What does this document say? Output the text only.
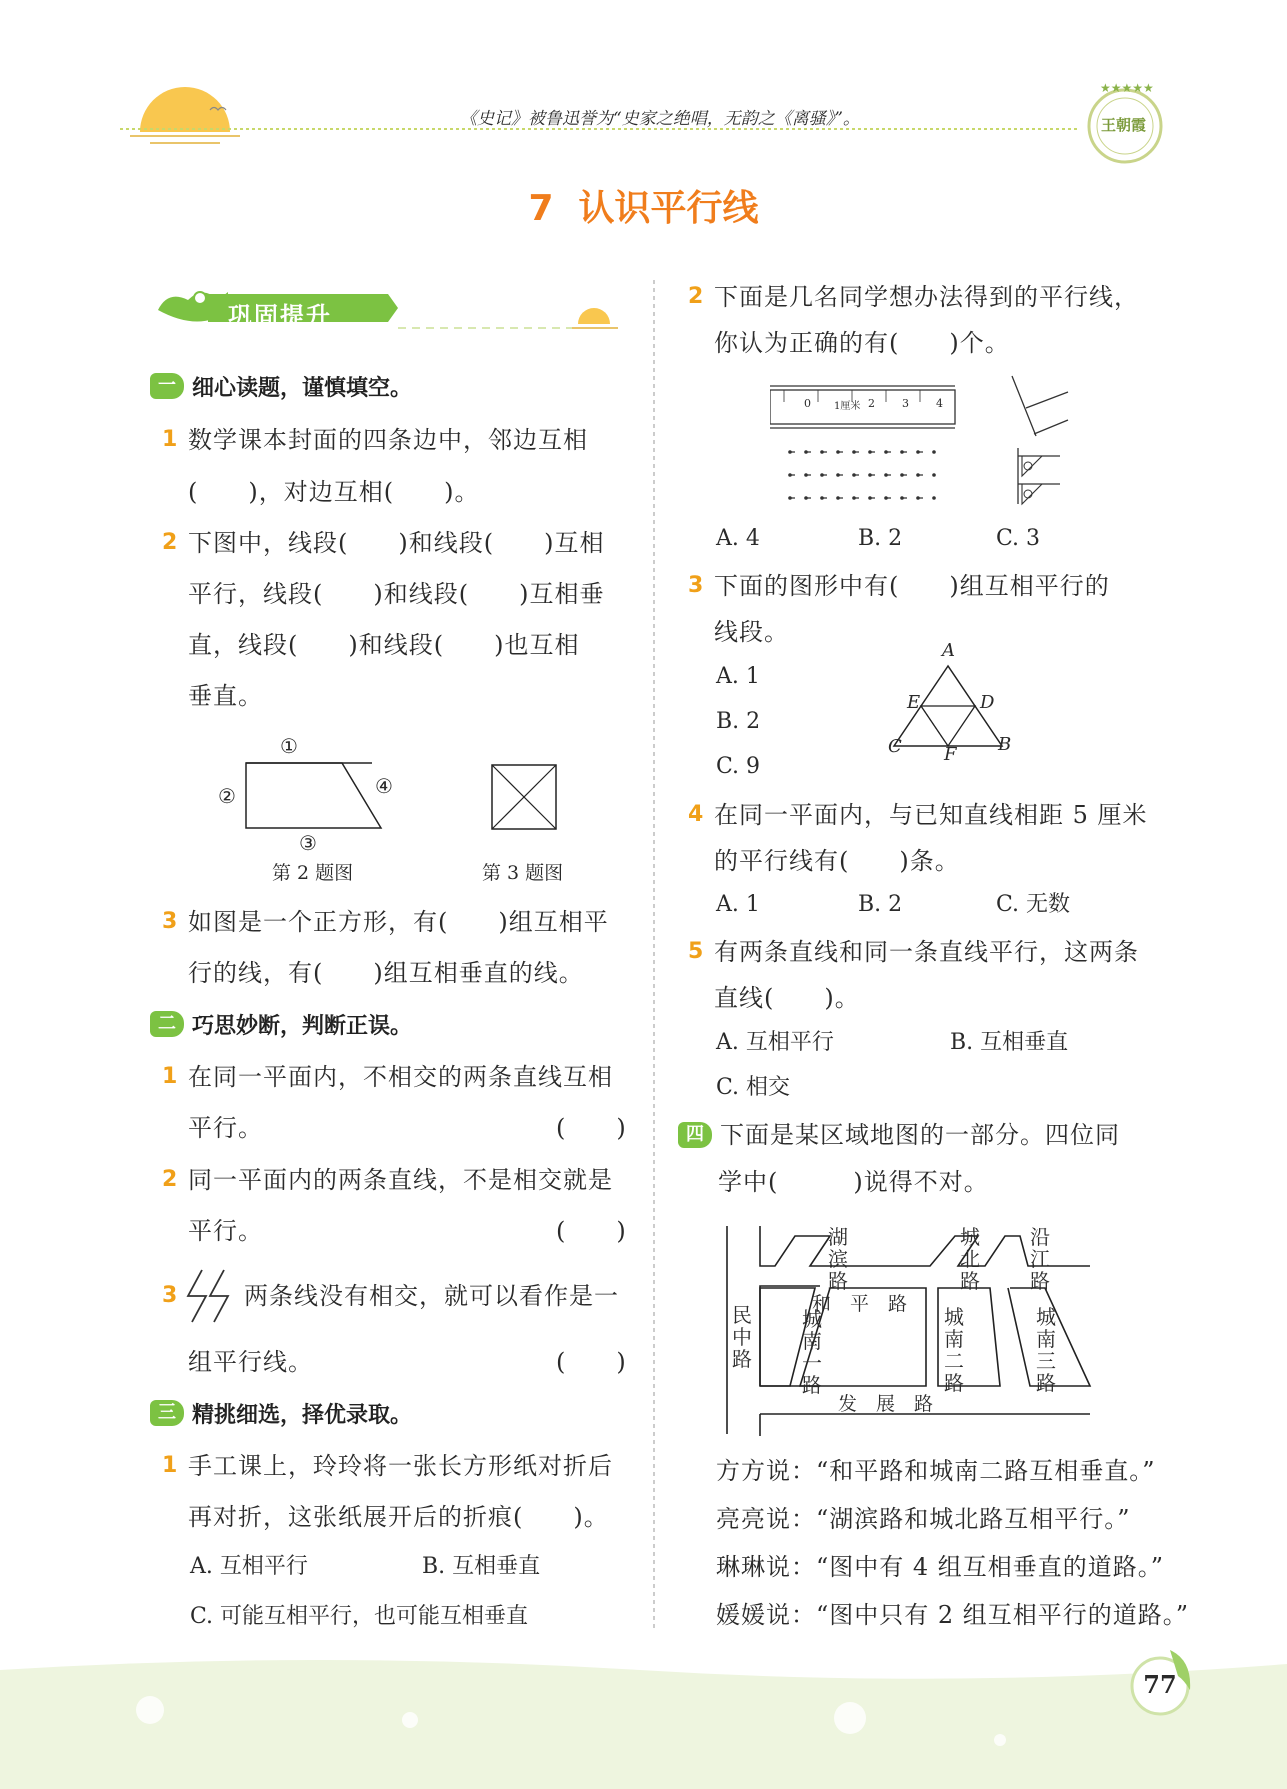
《史记》被鲁迅誉为“史家之绝唱，无韵之《离骚》”。
★★★★★
王朝霞
7  认识平行线
巩固提升
一 细心读题，谨慎填空。
1 数学课本封面的四条边中，邻边互相
(　　)，对边互相(　　)。
2 下图中，线段(　　)和线段(　　)互相
平行，线段(　　)和线段(　　)互相垂
直，线段(　　)和线段(　　)也互相
垂直。
①
②
③
④
第 2 题图	第 3 题图
3 如图是一个正方形，有(　　)组互相平
行的线，有(　　)组互相垂直的线。
二 巧思妙断，判断正误。
1 在同一平面内，不相交的两条直线互相
平行。	(　　)
2 同一平面内的两条直线，不是相交就是
平行。	(　　)
3	两条线没有相交，就可以看作是一
组平行线。	(　　)
三 精挑细选，择优录取。
1 手工课上，玲玲将一张长方形纸对折后
再对折，这张纸展开后的折痕(　　)。
A. 互相平行	B. 互相垂直
C. 可能互相平行，也可能互相垂直
2 下面是几名同学想办法得到的平行线，
你认为正确的有(　　)个。
0 1厘米 2 3 4
A. 4	B. 2	C. 3
3 下面的图形中有(　　)组互相平行的
线段。
A. 1
B. 2
C. 9
A
E	D
C F B
4 在同一平面内，与已知直线相距 5 厘米
的平行线有(　　)条。
A. 1	B. 2	C. 无数
5 有两条直线和同一条直线平行，这两条
直线(　　)。
A. 互相平行	B. 互相垂直
C. 相交
四 下面是某区域地图的一部分。四位同
学中(　　　)说得不对。
湖滨路
城北路
沿江路
和　平　路
民中路
城南一路
城南二路
城南三路
发　展　路
方方说：“和平路和城南二路互相垂直。”
亮亮说：“湖滨路和城北路互相平行。”
琳琳说：“图中有 4 组互相垂直的道路。”
媛媛说：“图中只有 2 组互相平行的道路。”
77
